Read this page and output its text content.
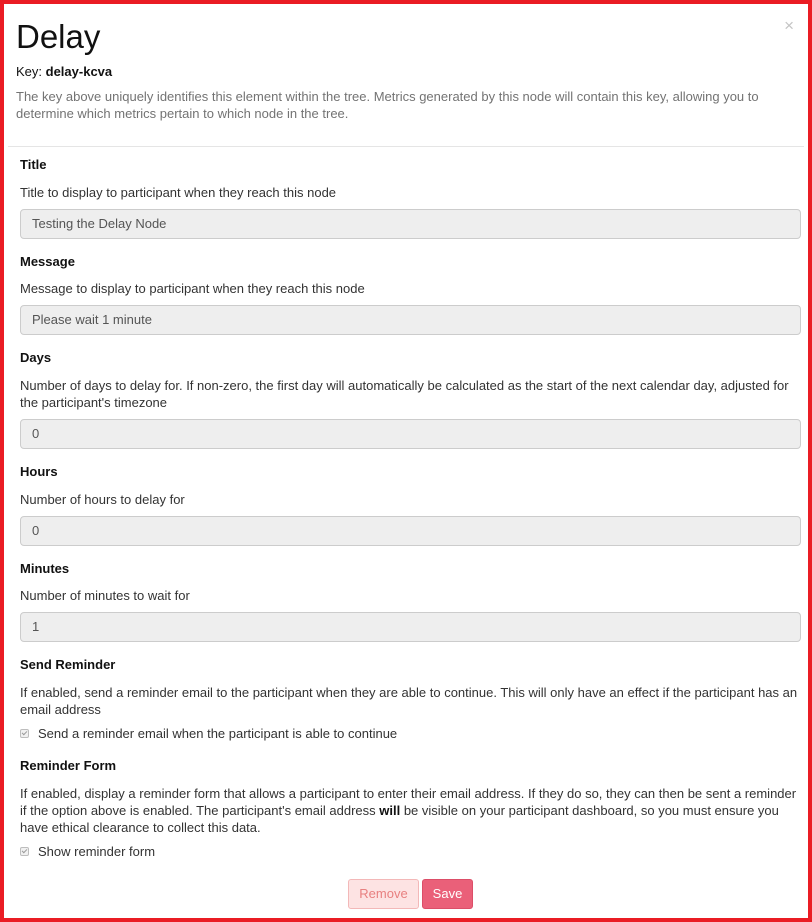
×
Delay
Key: delay-kcva
The key above uniquely identifies this element within the tree. Metrics generated by this node will contain this key, allowing you to determine which metrics pertain to which node in the tree.
Title
Title to display to participant when they reach this node
Testing the Delay Node
Message
Message to display to participant when they reach this node
Please wait 1 minute
Days
Number of days to delay for. If non-zero, the first day will automatically be calculated as the start of the next calendar day, adjusted for the participant's timezone
0
Hours
Number of hours to delay for
0
Minutes
Number of minutes to wait for
1
Send Reminder
If enabled, send a reminder email to the participant when they are able to continue. This will only have an effect if the participant has an email address
Send a reminder email when the participant is able to continue
Reminder Form
If enabled, display a reminder form that allows a participant to enter their email address. If they do so, they can then be sent a reminder if the option above is enabled. The participant's email address will be visible on your participant dashboard, so you must ensure you have ethical clearance to collect this data.
Show reminder form
Remove	Save
